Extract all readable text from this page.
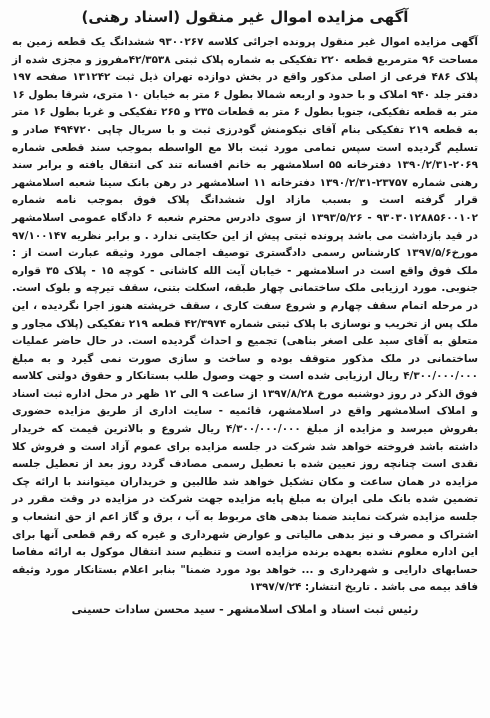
آگهی مزایده اموال غیر منقول (اسناد رهنی)

آگهی مزایده اموال غیر منقول پرونده اجرائی کلاسه ۹۳۰۰۲۶۷ ششدانگ یک قطعه زمین به مساحت ۹۶ مترمربع قطعه ۲۲۰ تفکیکی به شماره پلاک ثبتی ۴۲/۳۵۳۸مفروز و مجزی شده از پلاک ۴۸۶ فرعی از اصلی مذکور واقع در بخش دوازده تهران ذیل ثبت ۱۳۱۲۴۲ صفحه ۱۹۷ دفتر جلد ۹۴۰ املاک و با حدود و اربعه شمالا بطول ۶ متر به خیابان ۱۰ متری، شرقا بطول ۱۶ متر به قطعه تفکیکی، جنوبا بطول ۶ متر به قطعات ۲۳۵ و ۲۶۵ تفکیکی و غربا بطول ۱۶ متر به قطعه ۲۱۹ تفکیکی بنام آقای نیکومنش گودرزی ثبت و با سریال چاپی ۴۹۴۷۲۰ صادر و تسلیم گردیده است سپس تمامی مورد ثبت بالا مع الواسطه بموجب سند قطعی شماره ۲۰۶۹-۱۳۹۰/۲/۳۱ دفترخانه ۵۵ اسلامشهر به خانم افسانه تند کی انتقال یافته و برابر سند رهنی شماره ۲۳۷۵۷-۱۳۹۰/۲/۳۱ دفترخانه ۱۱ اسلامشهر در رهن بانک سینا شعبه اسلامشهر قرار گرفته است و بسبب مازاد اول ششدانگ پلاک فوق بموجب نامه شماره ۹۳۰۳۰۱۲۸۸۵۶۰۰۱۰۲ - ۱۳۹۳/۵/۲۶ از سوی دادرس محترم شعبه ۶ دادگاه عمومی اسلامشهر در قید بازداشت می باشد پرونده ثبتی پیش از این حکایتی ندارد . و برابر نظریه ۹۷/۱۰۰۱۴۷ مورخ۱۳۹۷/۵/۶ کارشناس رسمی دادگستری توصیف اجمالی مورد وثیقه عبارت است از : ملک فوق واقع است در اسلامشهر - خیابان آیت الله کاشانی - کوچه ۱۵ - پلاک ۳۵ قواره جنوبی. مورد ارزیابی ملک ساختمانی چهار طبقه، اسکلت بتنی، سقف تیرچه و بلوک است. در مرحله اتمام سقف چهارم و شروع سفت کاری ، سقف خرپشته هنوز اجرا نگردیده ، این ملک پس از تخریب و نوسازی با پلاک ثبتی شماره ۴۲/۳۹۷۴ قطعه ۲۱۹ تفکیکی (پلاک مجاور و متعلق به آقای سید علی اصغر بناهی) تجمیع و احداث گردیده است. در حال حاضر عملیات ساختمانی در ملک مذکور متوقف بوده و ساخت و سازی صورت نمی گیرد و به مبلغ ۴/۳۰۰/۰۰۰/۰۰۰ ریال ارزیابی شده است و جهت وصول طلب بستانکار و حقوق دولتی کلاسه فوق الذکر در روز دوشنبه مورخ ۱۳۹۷/۸/۲۸ از ساعت ۹ الی ۱۲ ظهر در محل اداره ثبت اسناد و املاک اسلامشهر واقع در اسلامشهر، قائمیه - سایت اداری از طریق مزایده حضوری بفروش میرسد و مزایده از مبلغ ۴/۳۰۰/۰۰۰/۰۰۰ ریال شروع و بالاترین قیمت که خریدار داشته باشد فروخته خواهد شد شرکت در جلسه مزایده برای عموم آزاد است و فروش کلا نقدی است چنانچه روز تعیین شده با تعطیل رسمی مصادف گردد روز بعد از تعطیل جلسه مزایده در همان ساعت و مکان تشکیل خواهد شد طالبین و خریداران میتوانند با ارائه چک تضمین شده بانک ملی ایران به مبلغ پایه مزایده جهت شرکت در مزایده در وقت مقرر در جلسه مزایده شرکت نمایند ضمنا بدهی های مربوط به آب ، برق و گاز اعم از حق انشعاب و اشتراک و مصرف و نیز بدهی مالیاتی و عوارض شهرداری و غیره که رقم قطعی آنها برای این اداره معلوم نشده بعهده برنده مزایده است و تنظیم سند انتقال موکول به ارائه مفاصا حسابهای دارایی و شهرداری و ... خواهد بود مورد ضمنا" بنابر اعلام بستانکار مورد وثیقه فاقد بیمه می باشد . تاریخ انتشار: ۱۳۹۷/۷/۲۴

رئیس ثبت اسناد و املاک اسلامشهر - سید محسن سادات حسینی
